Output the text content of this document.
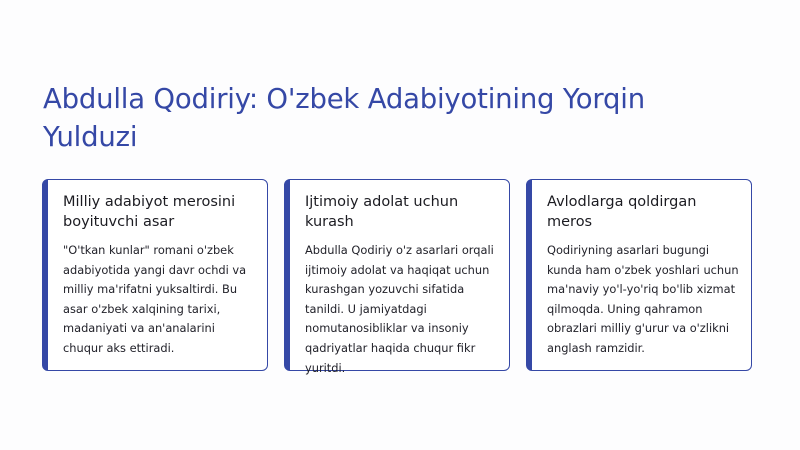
Abdulla Qodiriy: O'zbek Adabiyotining Yorqin Yulduzi
Milliy adabiyot merosini boyituvchi asar

"O'tkan kunlar" romani o'zbek adabiyotida yangi davr ochdi va milliy ma'rifatni yuksaltirdi. Bu asar o'zbek xalqining tarixi, madaniyati va an'analarini chuqur aks ettiradi.

Ijtimoiy adolat uchun kurash

Abdulla Qodiriy o'z asarlari orqali ijtimoiy adolat va haqiqat uchun kurashgan yozuvchi sifatida tanildi. U jamiyatdagi nomutanosibliklar va insoniy qadriyatlar haqida chuqur fikr yuritdi.

Avlodlarga qoldirgan meros

Qodiriyning asarlari bugungi kunda ham o'zbek yoshlari uchun ma'naviy yo'l-yo'riq bo'lib xizmat qilmoqda. Uning qahramon obrazlari milliy g'urur va o'zlikni anglash ramzidir.
